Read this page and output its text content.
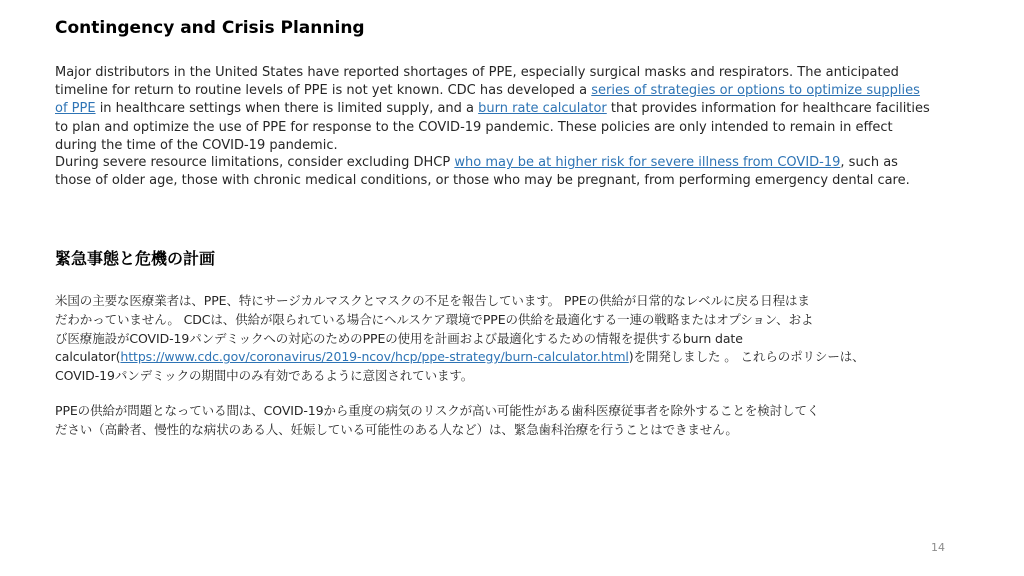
Contingency and Crisis Planning

Major distributors in the United States have reported shortages of PPE, especially surgical masks and respirators. The anticipated
timeline for return to routine levels of PPE is not yet known. CDC has developed a series of strategies or options to optimize supplies
of PPE in healthcare settings when there is limited supply, and a burn rate calculator that provides information for healthcare facilities
to plan and optimize the use of PPE for response to the COVID-19 pandemic. These policies are only intended to remain in effect
during the time of the COVID-19 pandemic.

During severe resource limitations, consider excluding DHCP who may be at higher risk for severe illness from COVID-19, such as
those of older age, those with chronic medical conditions, or those who may be pregnant, from performing emergency dental care.

緊急事態と危機の計画

米国の主要な医療業者は、PPE、特にサージカルマスクとマスクの不足を報告しています。 PPEの供給が日常的なレベルに戻る日程はま
だわかっていません。 CDCは、供給が限られている場合にヘルスケア環境でPPEの供給を最適化する一連の戦略またはオプション、およ
び医療施設がCOVID-19パンデミックへの対応のためのPPEの使用を計画および最適化するための情報を提供するburn date
calculator(https://www.cdc.gov/coronavirus/2019-ncov/hcp/ppe-strategy/burn-calculator.html)を開発しました 。 これらのポリシーは、
COVID-19パンデミックの期間中のみ有効であるように意図されています。

PPEの供給が問題となっている間は、COVID-19から重度の病気のリスクが高い可能性がある歯科医療従事者を除外することを検討してく
ださい（高齢者、慢性的な病状のある人、妊娠している可能性のある人など）は、緊急歯科治療を行うことはできません。

14
